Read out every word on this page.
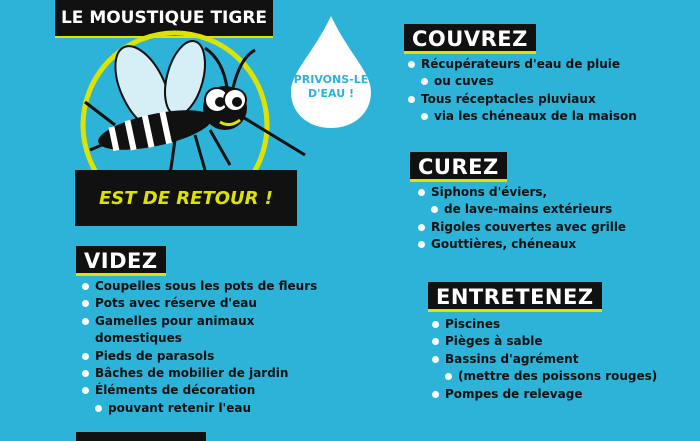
LE MOUSTIQUE TIGRE
PRIVONS-LE
D'EAU !
EST DE RETOUR !
VIDEZ
Coupelles sous les pots de fleurs
Pots avec réserve d'eau
Gamelles pour animaux domestiques
Pieds de parasols
Bâches de mobilier de jardin
Éléments de décoration
pouvant retenir l'eau
COUVREZ
Récupérateurs d'eau de pluie
ou cuves
Tous réceptacles pluviaux
via les chéneaux de la maison
CUREZ
Siphons d'éviers,
de lave-mains extérieurs
Rigoles couvertes avec grille
Gouttières, chéneaux
ENTRETENEZ
Piscines
Pièges à sable
Bassins d'agrément
(mettre des poissons rouges)
Pompes de relevage
